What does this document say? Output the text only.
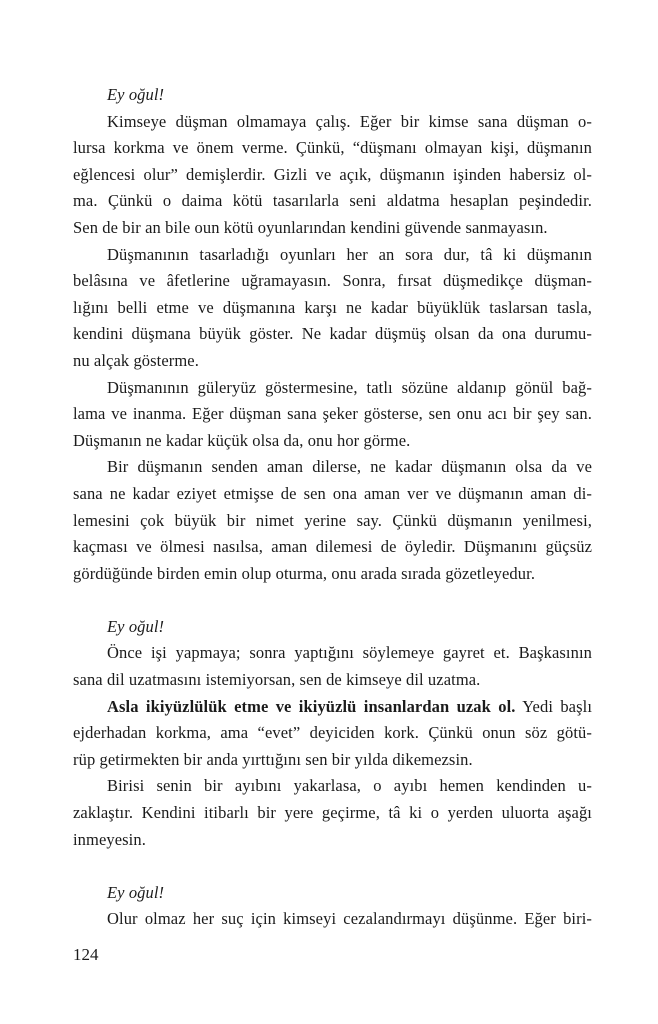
Ey oğul!
Kimseye düşman olmamaya çalış. Eğer bir kimse sana düşman o-
lursa korkma ve önem verme. Çünkü, “düşmanı olmayan kişi, düşmanın
eğlencesi olur” demişlerdir. Gizli ve açık, düşmanın işinden habersiz ol-
ma. Çünkü o daima kötü tasarılarla seni aldatma hesaplan peşindedir.
Sen de bir an bile oun kötü oyunlarından kendini güvende sanmayasın.
Düşmanının tasarladığı oyunları her an sora dur, tâ ki düşmanın
belâsına ve âfetlerine uğramayasın. Sonra, fırsat düşmedikçe düşman-
lığını belli etme ve düşmanına karşı ne kadar büyüklük taslarsan tasla,
kendini düşmana büyük göster. Ne kadar düşmüş olsan da ona durumu-
nu alçak gösterme.
Düşmanının güleryüz göstermesine, tatlı sözüne aldanıp gönül bağ-
lama ve inanma. Eğer düşman sana şeker gösterse, sen onu acı bir şey san.
Düşmanın ne kadar küçük olsa da, onu hor görme.
Bir düşmanın senden aman dilerse, ne kadar düşmanın olsa da ve
sana ne kadar eziyet etmişse de sen ona aman ver ve düşmanın aman di-
lemesini çok büyük bir nimet yerine say. Çünkü düşmanın yenilmesi,
kaçması ve ölmesi nasılsa, aman dilemesi de öyledir. Düşmanını güçsüz
gördüğünde birden emin olup oturma, onu arada sırada gözetleyedur.
Ey oğul!
Önce işi yapmaya; sonra yaptığını söylemeye gayret et. Başkasının
sana dil uzatmasını istemiyorsan, sen de kimseye dil uzatma.
Asla ikiyüzlülük etme ve ikiyüzlü insanlardan uzak ol. Yedi başlı
ejderhadan korkma, ama “evet” deyiciden kork. Çünkü onun söz götü-
rüp getirmekten bir anda yırttığını sen bir yılda dikemezsin.
Birisi senin bir ayıbını yakarlasa, o ayıbı hemen kendinden u-
zaklaştır. Kendini itibarlı bir yere geçirme, tâ ki o yerden uluorta aşağı
inmeyesin.
Ey oğul!
Olur olmaz her suç için kimseyi cezalandırmayı düşünme. Eğer biri-
124
